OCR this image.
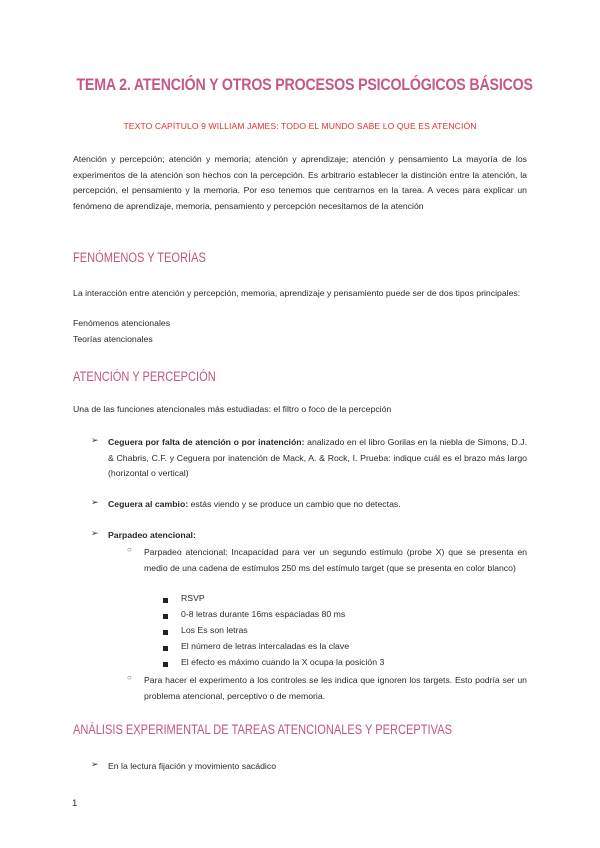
TEMA 2. ATENCIÓN Y OTROS PROCESOS PSICOLÓGICOS BÁSICOS
TEXTO CAPÍTULO 9 WILLIAM JAMES: TODO EL MUNDO SABE LO QUE ES ATENCIÓN
Atención y percepción; atención y memoria; atención y aprendizaje; atención y pensamiento La mayoría de los experimentos de la atención son hechos con la percepción. Es arbitrario establecer la distinción entre la atención, la percepción, el pensamiento y la memoria. Por eso tenemos que centrarnos en la tarea. A veces para explicar un fenómeno de aprendizaje, memoria, pensamiento y percepción necesitamos de la atención
FENÓMENOS Y TEORÍAS
La interacción entre atención y percepción, memoria, aprendizaje y pensamiento puede ser de dos tipos principales:
Fenómenos atencionales
Teorías atencionales
ATENCIÓN Y PERCEPCIÓN
Una de las funciones atencionales más estudiadas: el filtro o foco de la percepción
➢ Ceguera por falta de atención o por inatención: analizado en el libro Gorilas en la niebla de Simons, D.J. & Chabris, C.F. y Ceguera por inatención de Mack, A. & Rock, I. Prueba: indique cuál es el brazo más largo (horizontal o vertical)
➢ Ceguera al cambio: estás viendo y se produce un cambio que no detectas.
➢ Parpadeo atencional:
○ Parpadeo atencional: Incapacidad para ver un segundo estímulo (probe X) que se presenta en medio de una cadena de estímulos 250 ms del estímulo target (que se presenta en color blanco)
RSVP
0-8 letras durante 16ms espaciadas 80 ms
Los Es son letras
El número de letras intercaladas es la clave
El efecto es máximo cuando la X ocupa la posición 3
○ Para hacer el experimento a los controles se les indica que ignoren los targets. Esto podría ser un problema atencional, perceptivo o de memoria.
ANÁLISIS EXPERIMENTAL DE TAREAS ATENCIONALES Y PERCEPTIVAS
➢ En la lectura fijación y movimiento sacádico
1
